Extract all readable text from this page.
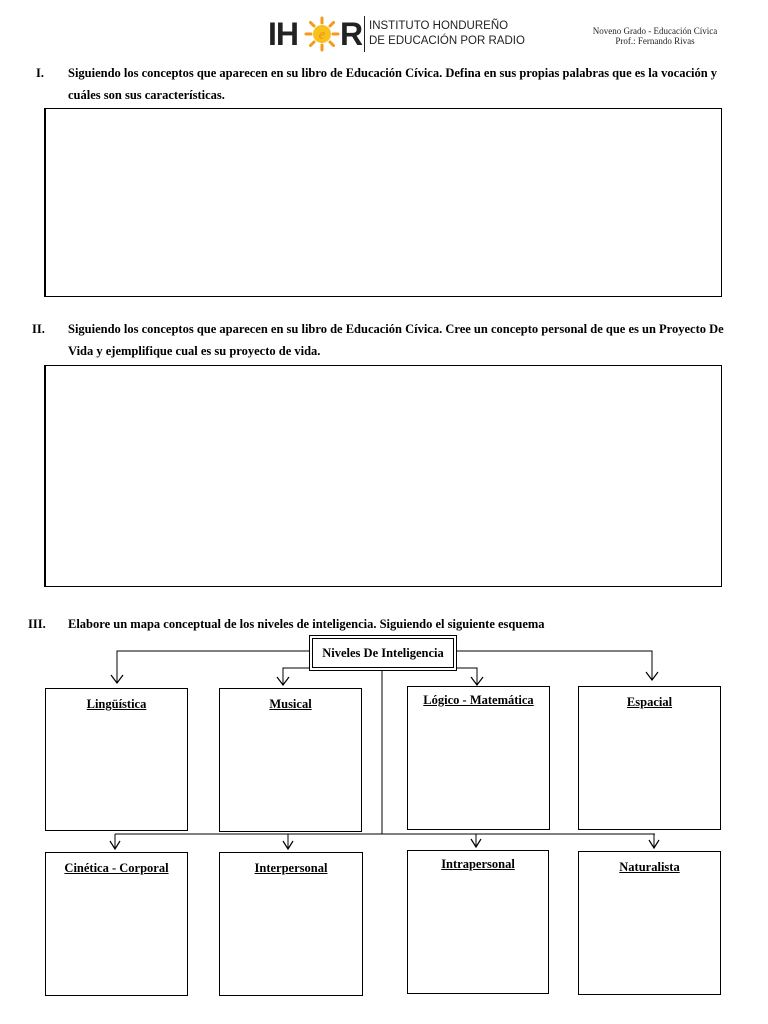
IH e R INSTITUTO HONDUREÑO
DE EDUCACIÓN POR RADIO
Noveno Grado - Educación Cívica
Prof.: Fernando Rivas
I. Siguiendo los conceptos que aparecen en su libro de Educación Cívica. Defina en sus propias palabras que es la vocación y
cuáles son sus características.
II. Siguiendo los conceptos que aparecen en su libro de Educación Cívica. Cree un concepto personal de que es un Proyecto De
Vida y ejemplifique cual es su proyecto de vida.
III. Elabore un mapa conceptual de los niveles de inteligencia. Siguiendo el siguiente esquema
Niveles De Inteligencia
Lingüística	Musical	Lógico - Matemática	Espacial
Cinética - Corporal	Interpersonal	Intrapersonal	Naturalista
